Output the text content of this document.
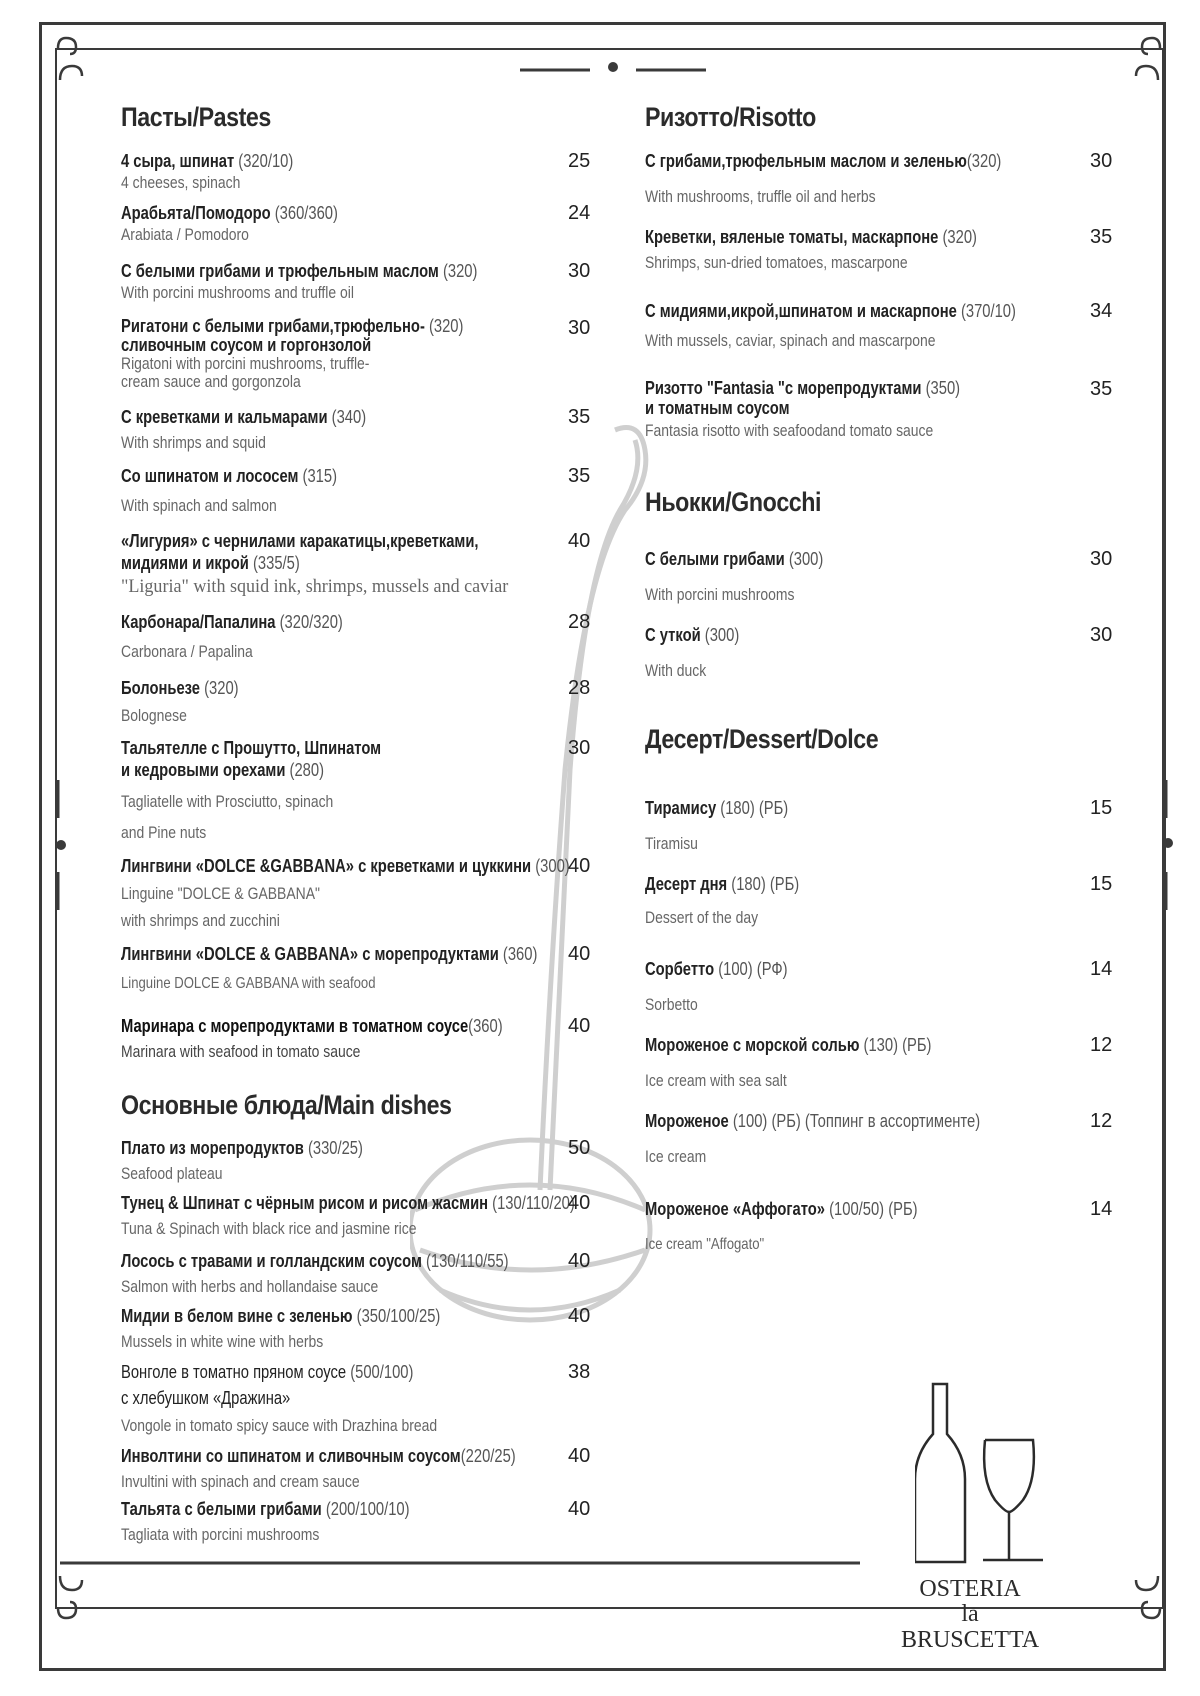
Пасты/Pastes
4 сыра, шпинат (320/10)
4 cheeses, spinach
25
Арабьята/Помодоро (360/360)
Arabiata / Pomodoro
24
С белыми грибами и трюфельным маслом (320)
With porcini mushrooms and truffle oil
30
Ригатони с белыми грибами,трюфельно- (320)
сливочным соусом и горгонзолой
Rigatoni with porcini mushrooms, truffle-
cream sauce and gorgonzola
30
С креветками и кальмарами (340)
With shrimps and squid
35
Со шпинатом и лососем (315)
With spinach and salmon
35
«Лигурия» с чернилами каракатицы,креветками,
мидиями и икрой (335/5)
"Liguria" with squid ink, shrimps, mussels and caviar
40
Карбонара/Папалина (320/320)
Carbonara / Papalina
28
Болоньезе (320)
Bolognese
28
Тальятелле с Прошутто, Шпинатом
и кедровыми орехами (280)
Tagliatelle with Prosciutto, spinach
and Pine nuts
30
Лингвини «DOLCE &GABBANA» с креветками и цуккини (300)
Linguine "DOLCE & GABBANA"
with shrimps and zucchini
40
Лингвини «DOLCE & GABBANA» с морепродуктами (360)
Linguine DOLCE & GABBANA with seafood
40
Маринара с морепродуктами в томатном соусе(360)
Marinara with seafood in tomato sauce
40
Основные блюда/Main dishes
Плато из морепродуктов (330/25)
Seafood plateau
50
Тунец & Шпинат с чёрным рисом и рисом жасмин (130/110/20)
Tuna & Spinach with black rice and jasmine rice
40
Лосось с травами и голландским соусом (130/110/55)
Salmon with herbs and hollandaise sauce
40
Мидии в белом вине с зеленью (350/100/25)
Mussels in white wine with herbs
40
Вонголе в томатно пряном соусе (500/100)
с хлебушком «Дражина»
Vongole in tomato spicy sauce with Drazhina bread
38
Инволтини со шпинатом и сливочным соусом(220/25)
Invultini with spinach and cream sauce
40
Тальята с белыми грибами (200/100/10)
Tagliata with porcini mushrooms
40
Ризотто/Risotto
С грибами,трюфельным маслом и зеленью(320)
With mushrooms, truffle oil and herbs
30
Креветки, вяленые томаты, маскарпоне (320)
Shrimps, sun-dried tomatoes, mascarpone
35
С мидиями,икрой,шпинатом и маскарпоне (370/10)
With mussels, caviar, spinach and mascarpone
34
Ризотто "Fantasia "с морепродуктами (350)
и томатным соусом
Fantasia risotto with seafoodand tomato sauce
35
Ньокки/Gnocchi
С белыми грибами (300)
With porcini mushrooms
30
С уткой (300)
With duck
30
Десерт/Dessert/Dolce
Тирамису (180) (РБ)
Tiramisu
15
Десерт дня (180) (РБ)
Dessert of the day
15
Сорбетто (100) (РФ)
Sorbetto
14
Мороженое с морской солью (130) (РБ)
Ice cream with sea salt
12
Мороженое (100) (РБ) (Топпинг в ассортименте)
Ice cream
12
Мороженое «Аффогато» (100/50) (РБ)
Ice cream "Affogato"
14
OSTERIA
la
BRUSCETTA
